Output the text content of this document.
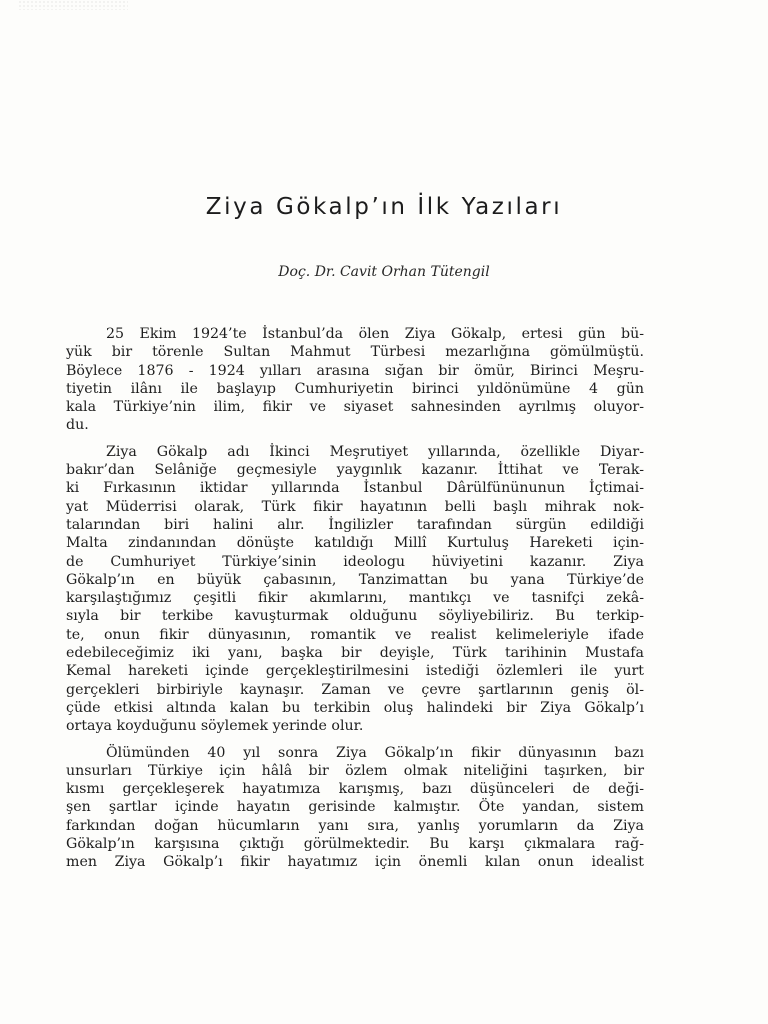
Ziya Gökalp’ın İlk Yazıları
Doç. Dr. Cavit Orhan Tütengil

25 Ekim 1924’te İstanbul’da ölen Ziya Gökalp, ertesi gün bü-
yük bir törenle Sultan Mahmut Türbesi mezarlığına gömülmüştü.
Böylece 1876 - 1924 yılları arasına sığan bir ömür, Birinci Meşru-
tiyetin ilânı ile başlayıp Cumhuriyetin birinci yıldönümüne 4 gün
kala Türkiye’nin ilim, fikir ve siyaset sahnesinden ayrılmış oluyor-
du.

Ziya Gökalp adı İkinci Meşrutiyet yıllarında, özellikle Diyar-
bakır’dan Selâniğe geçmesiyle yaygınlık kazanır. İttihat ve Terak-
ki Fırkasının iktidar yıllarında İstanbul Dârülfününunun İçtimai-
yat Müderrisi olarak, Türk fikir hayatının belli başlı mihrak nok-
talarından biri halini alır. İngilizler tarafından sürgün edildiği
Malta zindanından dönüşte katıldığı Millî Kurtuluş Hareketi için-
de Cumhuriyet Türkiye’sinin ideologu hüviyetini kazanır. Ziya
Gökalp’ın en büyük çabasının, Tanzimattan bu yana Türkiye’de
karşılaştığımız çeşitli fikir akımlarını, mantıkçı ve tasnifçi zekâ-
sıyla bir terkibe kavuşturmak olduğunu söyliyebiliriz. Bu terkip-
te, onun fikir dünyasının, romantik ve realist kelimeleriyle ifade
edebileceğimiz iki yanı, başka bir deyişle, Türk tarihinin Mustafa
Kemal hareketi içinde gerçekleştirilmesini istediği özlemleri ile yurt
gerçekleri birbiriyle kaynaşır. Zaman ve çevre şartlarının geniş öl-
çüde etkisi altında kalan bu terkibin oluş halindeki bir Ziya Gökalp’ı
ortaya koyduğunu söylemek yerinde olur.

Ölümünden 40 yıl sonra Ziya Gökalp’ın fikir dünyasının bazı
unsurları Türkiye için hâlâ bir özlem olmak niteliğini taşırken, bir
kısmı gerçekleşerek hayatımıza karışmış, bazı düşünceleri de deği-
şen şartlar içinde hayatın gerisinde kalmıştır. Öte yandan, sistem
farkından doğan hücumların yanı sıra, yanlış yorumların da Ziya
Gökalp’ın karşısına çıktığı görülmektedir. Bu karşı çıkmalara rağ-
men Ziya Gökalp’ı fikir hayatımız için önemli kılan onun idealist
